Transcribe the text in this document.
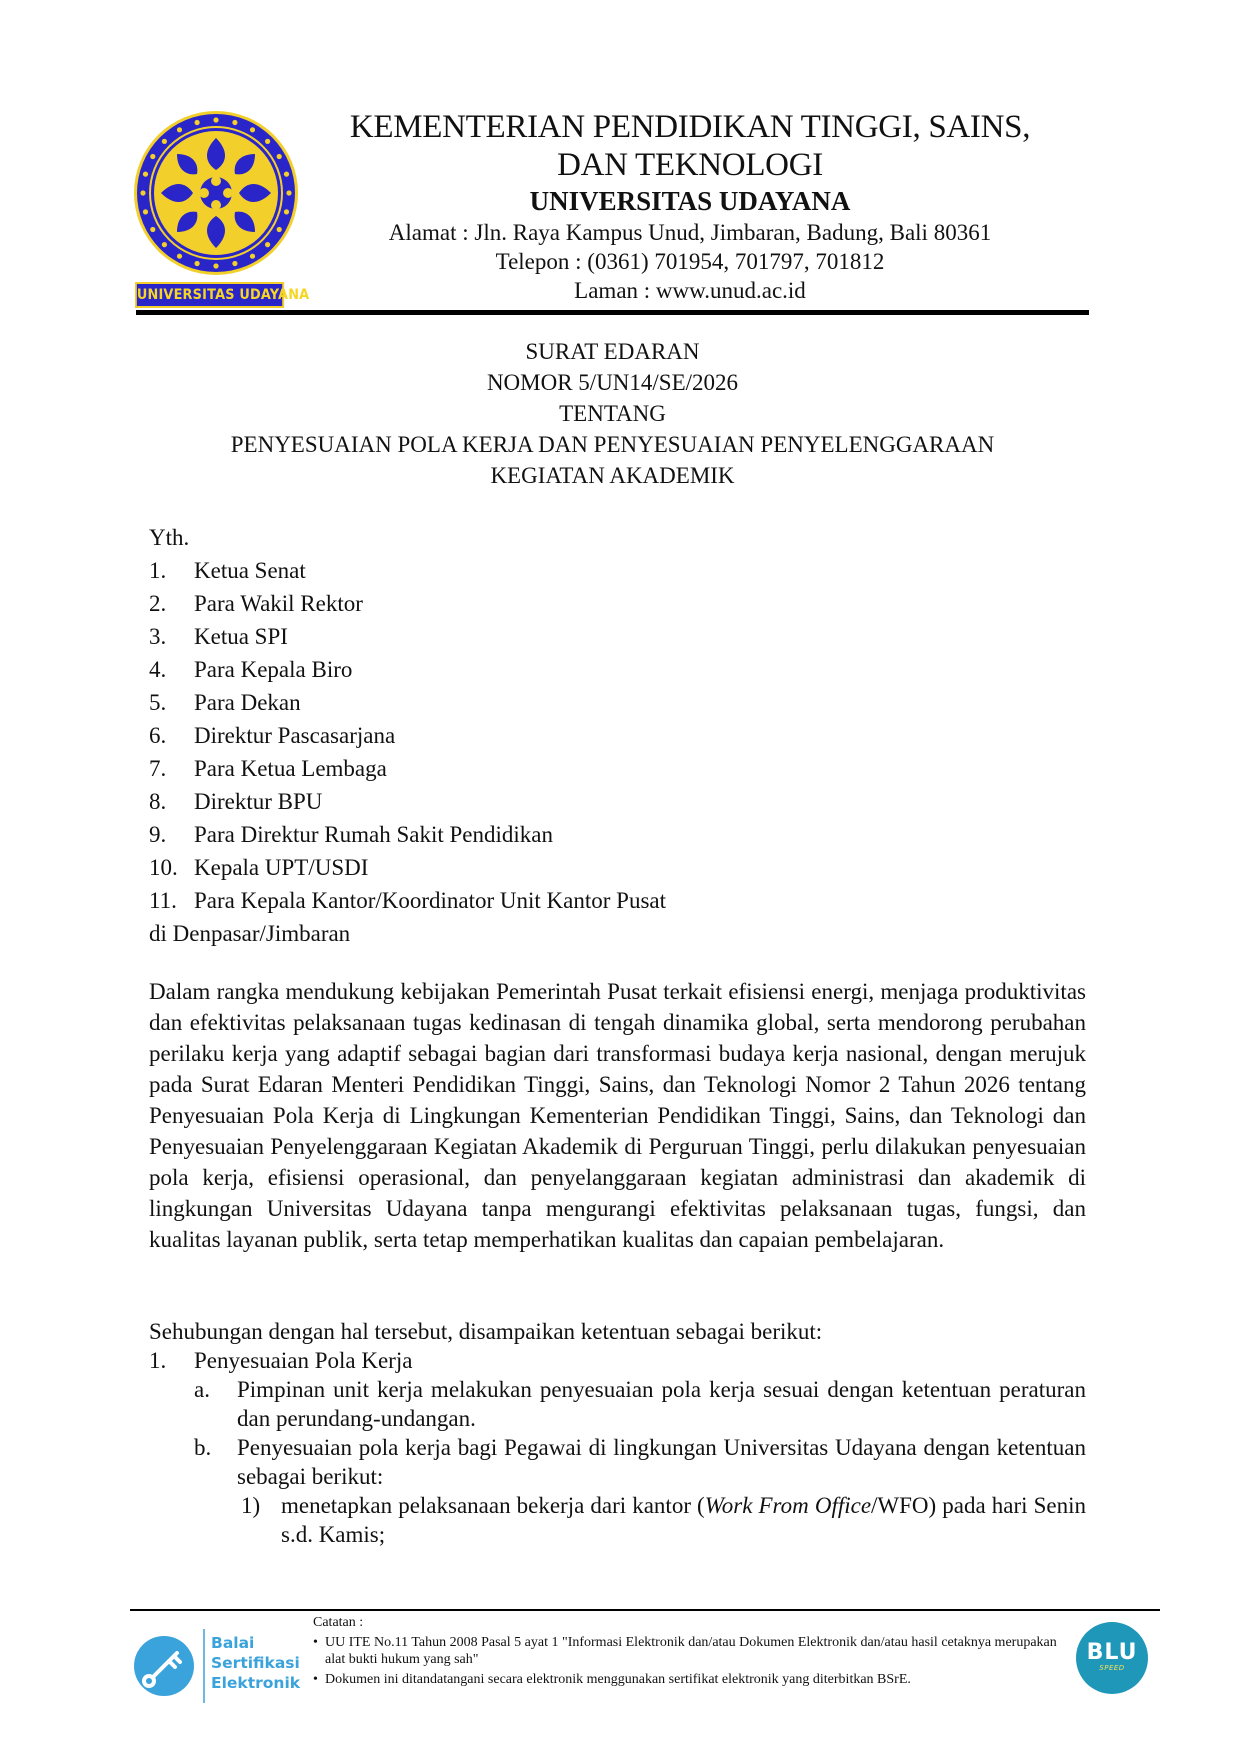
UNIVERSITAS UDAYANA
KEMENTERIAN PENDIDIKAN TINGGI, SAINS,
DAN TEKNOLOGI
UNIVERSITAS UDAYANA
Alamat : Jln. Raya Kampus Unud, Jimbaran, Badung, Bali 80361
Telepon : (0361) 701954, 701797, 701812
Laman : www.unud.ac.id
SURAT EDARAN
NOMOR 5/UN14/SE/2026
TENTANG
PENYESUAIAN POLA KERJA DAN PENYESUAIAN PENYELENGGARAAN
KEGIATAN AKADEMIK
Yth.
1. Ketua Senat
2. Para Wakil Rektor
3. Ketua SPI
4. Para Kepala Biro
5. Para Dekan
6. Direktur Pascasarjana
7. Para Ketua Lembaga
8. Direktur BPU
9. Para Direktur Rumah Sakit Pendidikan
10. Kepala UPT/USDI
11. Para Kepala Kantor/Koordinator Unit Kantor Pusat
di Denpasar/Jimbaran
Dalam rangka mendukung kebijakan Pemerintah Pusat terkait efisiensi energi, menjaga produktivitas dan efektivitas pelaksanaan tugas kedinasan di tengah dinamika global, serta mendorong perubahan perilaku kerja yang adaptif sebagai bagian dari transformasi budaya kerja nasional, dengan merujuk pada Surat Edaran Menteri Pendidikan Tinggi, Sains, dan Teknologi Nomor 2 Tahun 2026 tentang Penyesuaian Pola Kerja di Lingkungan Kementerian Pendidikan Tinggi, Sains, dan Teknologi dan Penyesuaian Penyelenggaraan Kegiatan Akademik di Perguruan Tinggi, perlu dilakukan penyesuaian pola kerja, efisiensi operasional, dan penyelanggaraan kegiatan administrasi dan akademik di lingkungan Universitas Udayana tanpa mengurangi efektivitas pelaksanaan tugas, fungsi, dan kualitas layanan publik, serta tetap memperhatikan kualitas dan capaian pembelajaran.
Sehubungan dengan hal tersebut, disampaikan ketentuan sebagai berikut:
1. Penyesuaian Pola Kerja
a. Pimpinan unit kerja melakukan penyesuaian pola kerja sesuai dengan ketentuan peraturan dan perundang-undangan.
b. Penyesuaian pola kerja bagi Pegawai di lingkungan Universitas Udayana dengan ketentuan sebagai berikut:
1) menetapkan pelaksanaan bekerja dari kantor (Work From Office/WFO) pada hari Senin s.d. Kamis;
Balai
Sertifikasi
Elektronik
Catatan :
• UU ITE No.11 Tahun 2008 Pasal 5 ayat 1 "Informasi Elektronik dan/atau Dokumen Elektronik dan/atau hasil cetaknya merupakan alat bukti hukum yang sah"
• Dokumen ini ditandatangani secara elektronik menggunakan sertifikat elektronik yang diterbitkan BSrE.
BLU
SPEED
